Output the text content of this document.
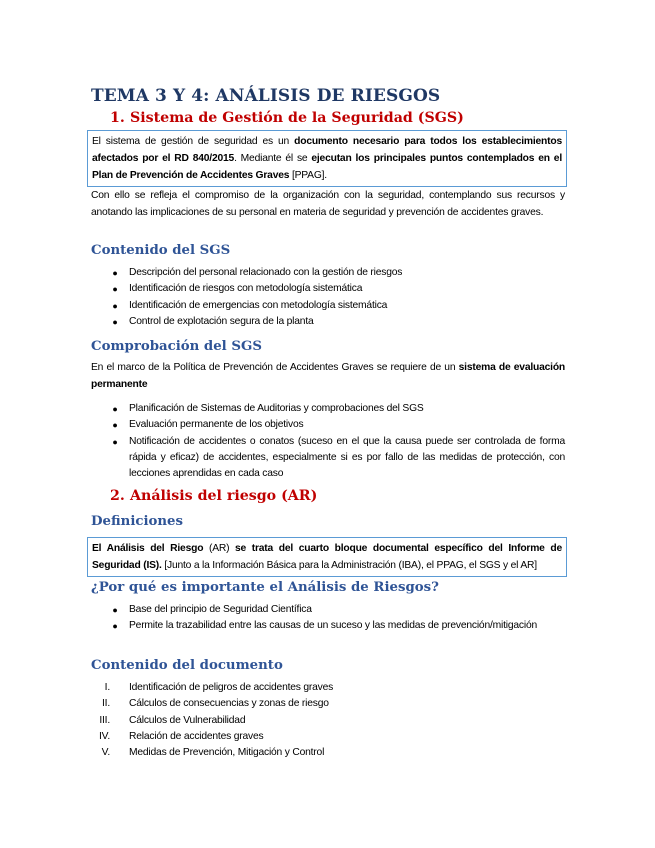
TEMA 3 Y 4: ANÁLISIS DE RIESGOS
1. Sistema de Gestión de la Seguridad (SGS)
El sistema de gestión de seguridad es un documento necesario para todos los establecimientos afectados por el RD 840/2015. Mediante él se ejecutan los principales puntos contemplados en el Plan de Prevención de Accidentes Graves [PPAG].

Con ello se refleja el compromiso de la organización con la seguridad, contemplando sus recursos y anotando las implicaciones de su personal en materia de seguridad y prevención de accidentes graves.

Contenido del SGS
● Descripción del personal relacionado con la gestión de riesgos
● Identificación de riesgos con metodología sistemática
● Identificación de emergencias con metodología sistemática
● Control de explotación segura de la planta
Comprobación del SGS

En el marco de la Política de Prevención de Accidentes Graves se requiere de un sistema de evaluación permanente

● Planificación de Sistemas de Auditorias y comprobaciones del SGS
● Evaluación permanente de los objetivos
● Notificación de accidentes o conatos (suceso en el que la causa puede ser controlada de forma rápida y eficaz) de accidentes, especialmente si es por fallo de las medidas de protección, con lecciones aprendidas en cada caso
2. Análisis del riesgo (AR)
Definiciones
El Análisis del Riesgo (AR) se trata del cuarto bloque documental específico del Informe de Seguridad (IS). [Junto a la Información Básica para la Administración (IBA), el PPAG, el SGS y el AR]
¿Por qué es importante el Análisis de Riesgos?
● Base del principio de Seguridad Científica
● Permite la trazabilidad entre las causas de un suceso y las medidas de prevención/mitigación
Contenido del documento
I. Identificación de peligros de accidentes graves
II. Cálculos de consecuencias y zonas de riesgo
III. Cálculos de Vulnerabilidad
IV. Relación de accidentes graves
V. Medidas de Prevención, Mitigación y Control
